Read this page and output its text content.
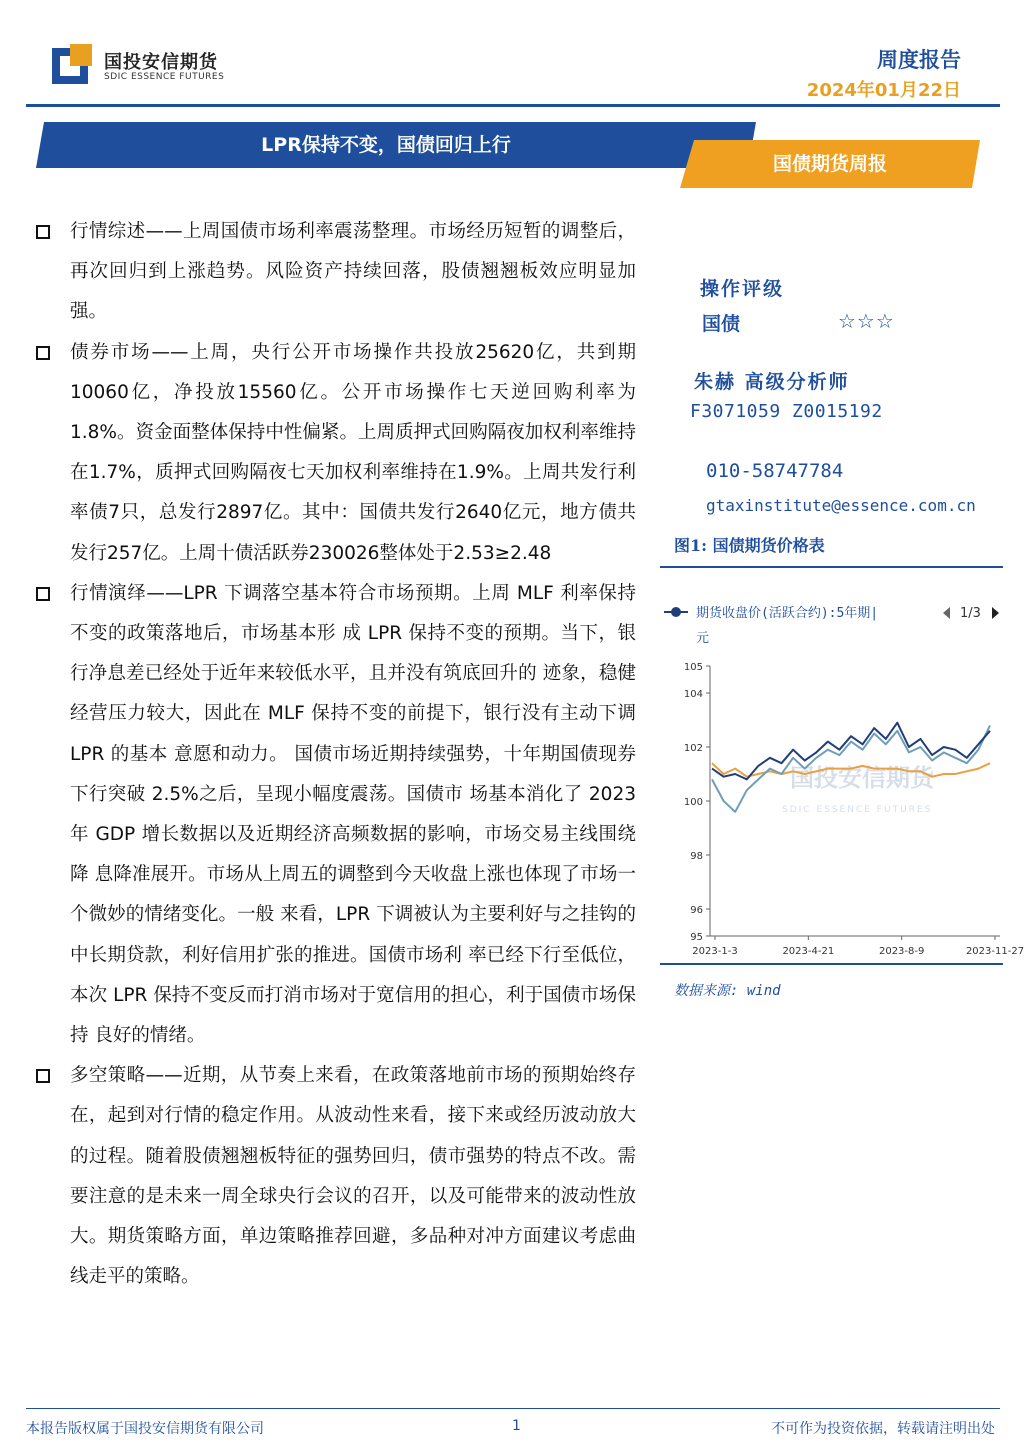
国投安信期货
SDIC ESSENCE FUTURES
周度报告
2024年01月22日
LPR保持不变，国债回归上行
国债期货周报
行情综述——上周国债市场利率震荡整理。市场经历短暂的调整后，再次回归到上涨趋势。风险资产持续回落，股债翘翘板效应明显加强。
债券市场——上周，央行公开市场操作共投放25620亿，共到期10060亿，净投放15560亿。公开市场操作七天逆回购利率为1.8%。资金面整体保持中性偏紧。上周质押式回购隔夜加权利率维持在1.7%，质押式回购隔夜七天加权利率维持在1.9%。上周共发行利率债7只，总发行2897亿。其中：国债共发行2640亿元，地方债共发行257亿。上周十债活跃券230026整体处于2.53≥2.48
行情演绎——LPR 下调落空基本符合市场预期。上周 MLF 利率保持不变的政策落地后，市场基本形 成 LPR 保持不变的预期。当下，银行净息差已经处于近年来较低水平，且并没有筑底回升的 迹象，稳健经营压力较大，因此在 MLF 保持不变的前提下，银行没有主动下调 LPR 的基本 意愿和动力。 国债市场近期持续强势，十年期国债现券下行突破 2.5%之后，呈现小幅度震荡。国债市 场基本消化了 2023 年 GDP 增长数据以及近期经济高频数据的影响，市场交易主线围绕降 息降准展开。市场从上周五的调整到今天收盘上涨也体现了市场一个微妙的情绪变化。一般 来看，LPR 下调被认为主要利好与之挂钩的中长期贷款，利好信用扩张的推进。国债市场利 率已经下行至低位，本次 LPR 保持不变反而打消市场对于宽信用的担心，利于国债市场保持 良好的情绪。
多空策略——近期，从节奏上来看，在政策落地前市场的预期始终存在，起到对行情的稳定作用。从波动性来看，接下来或经历波动放大的过程。随着股债翘翘板特征的强势回归，债市强势的特点不改。需要注意的是未来一周全球央行会议的召开，以及可能带来的波动性放大。期货策略方面，单边策略推荐回避，多品种对冲方面建议考虑曲线走平的策略。
操作评级
国债	☆☆☆
朱赫 高级分析师
F3071059 Z0015192
010-58747784
gtaxinstitute@essence.com.cn
图1: 国债期货价格表
期货收盘价(活跃合约):5年期|	1/3
元
国投安信期货
SDIC ESSENCE FUTURES
95
96
98
100
102
104
105
2023-1-3	2023-4-21	2023-8-9	2023-11-27
数据来源: wind
本报告版权属于国投安信期货有限公司	1	不可作为投资依据，转载请注明出处
